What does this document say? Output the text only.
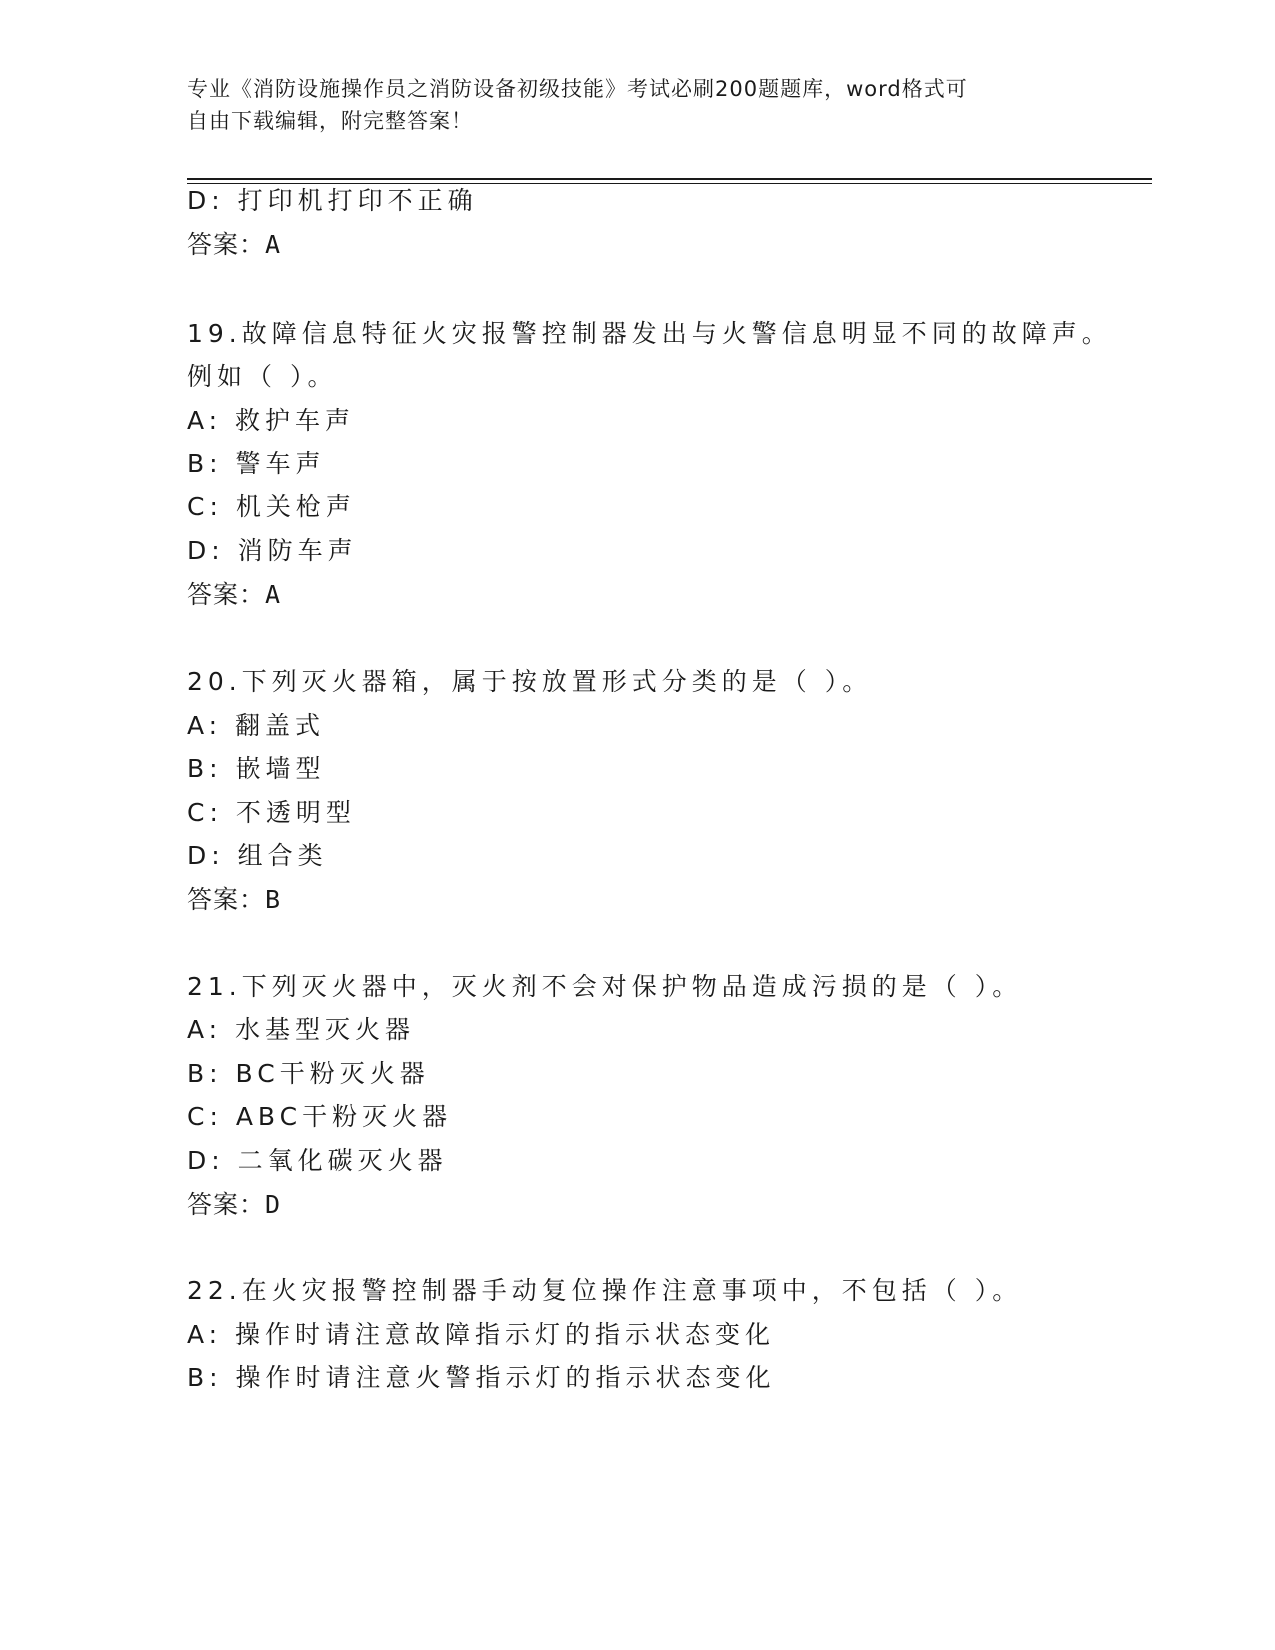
专业《消防设施操作员之消防设备初级技能》考试必刷200题题库，word格式可
自由下载编辑，附完整答案！
D: 打印机打印不正确
答案：A
19.故障信息特征火灾报警控制器发出与火警信息明显不同的故障声。
例如（ ）。
A: 救护车声
B: 警车声
C: 机关枪声
D: 消防车声
答案：A
20.下列灭火器箱，属于按放置形式分类的是（ ）。
A: 翻盖式
B: 嵌墙型
C: 不透明型
D: 组合类
答案：B
21.下列灭火器中，灭火剂不会对保护物品造成污损的是（ ）。
A: 水基型灭火器
B: BC干粉灭火器
C: ABC干粉灭火器
D: 二氧化碳灭火器
答案：D
22.在火灾报警控制器手动复位操作注意事项中，不包括（ ）。
A: 操作时请注意故障指示灯的指示状态变化
B: 操作时请注意火警指示灯的指示状态变化
